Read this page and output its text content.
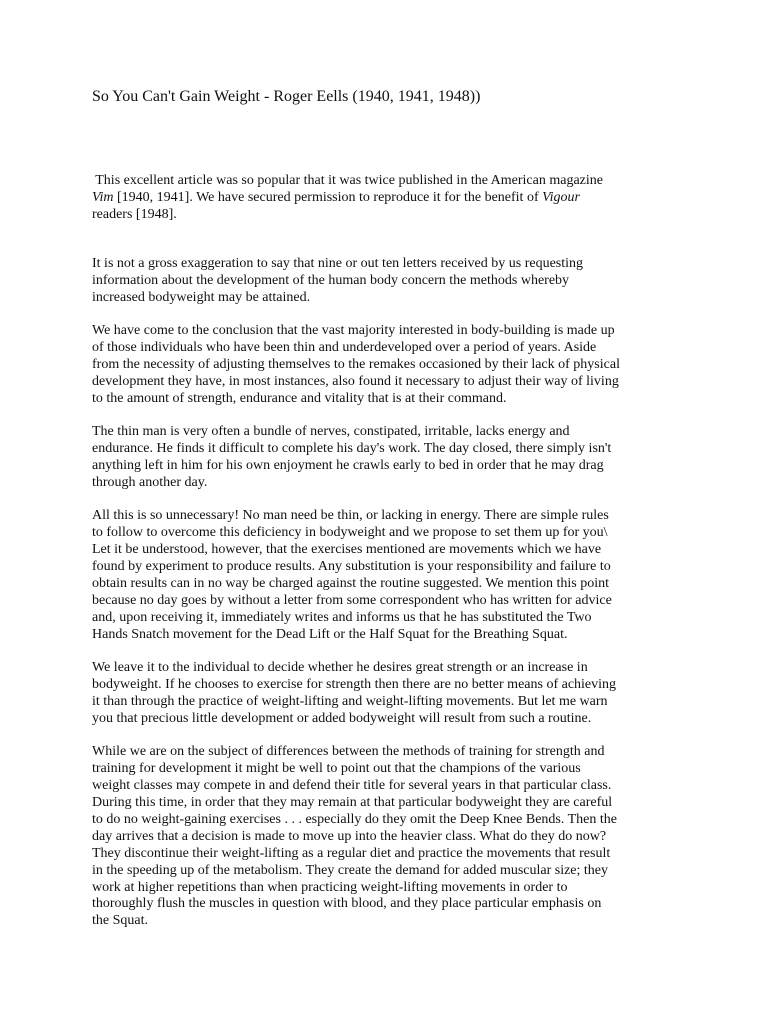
So You Can't Gain Weight - Roger Eells (1940, 1941, 1948))

This excellent article was so popular that it was twice published in the American magazine
Vim [1940, 1941]. We have secured permission to reproduce it for the benefit of Vigour
readers [1948].

It is not a gross exaggeration to say that nine or out ten letters received by us requesting
information about the development of the human body concern the methods whereby
increased bodyweight may be attained.

We have come to the conclusion that the vast majority interested in body-building is made up
of those individuals who have been thin and underdeveloped over a period of years. Aside
from the necessity of adjusting themselves to the remakes occasioned by their lack of physical
development they have, in most instances, also found it necessary to adjust their way of living
to the amount of strength, endurance and vitality that is at their command.

The thin man is very often a bundle of nerves, constipated, irritable, lacks energy and
endurance. He finds it difficult to complete his day's work. The day closed, there simply isn't
anything left in him for his own enjoyment he crawls early to bed in order that he may drag
through another day.

All this is so unnecessary! No man need be thin, or lacking in energy. There are simple rules
to follow to overcome this deficiency in bodyweight and we propose to set them up for you\
Let it be understood, however, that the exercises mentioned are movements which we have
found by experiment to produce results. Any substitution is your responsibility and failure to
obtain results can in no way be charged against the routine suggested. We mention this point
because no day goes by without a letter from some correspondent who has written for advice
and, upon receiving it, immediately writes and informs us that he has substituted the Two
Hands Snatch movement for the Dead Lift or the Half Squat for the Breathing Squat.

We leave it to the individual to decide whether he desires great strength or an increase in
bodyweight. If he chooses to exercise for strength then there are no better means of achieving
it than through the practice of weight-lifting and weight-lifting movements. But let me warn
you that precious little development or added bodyweight will result from such a routine.

While we are on the subject of differences between the methods of training for strength and
training for development it might be well to point out that the champions of the various
weight classes may compete in and defend their title for several years in that particular class.
During this time, in order that they may remain at that particular bodyweight they are careful
to do no weight-gaining exercises . . . especially do they omit the Deep Knee Bends. Then the
day arrives that a decision is made to move up into the heavier class. What do they do now?
They discontinue their weight-lifting as a regular diet and practice the movements that result
in the speeding up of the metabolism. They create the demand for added muscular size; they
work at higher repetitions than when practicing weight-lifting movements in order to
thoroughly flush the muscles in question with blood, and they place particular emphasis on
the Squat.
